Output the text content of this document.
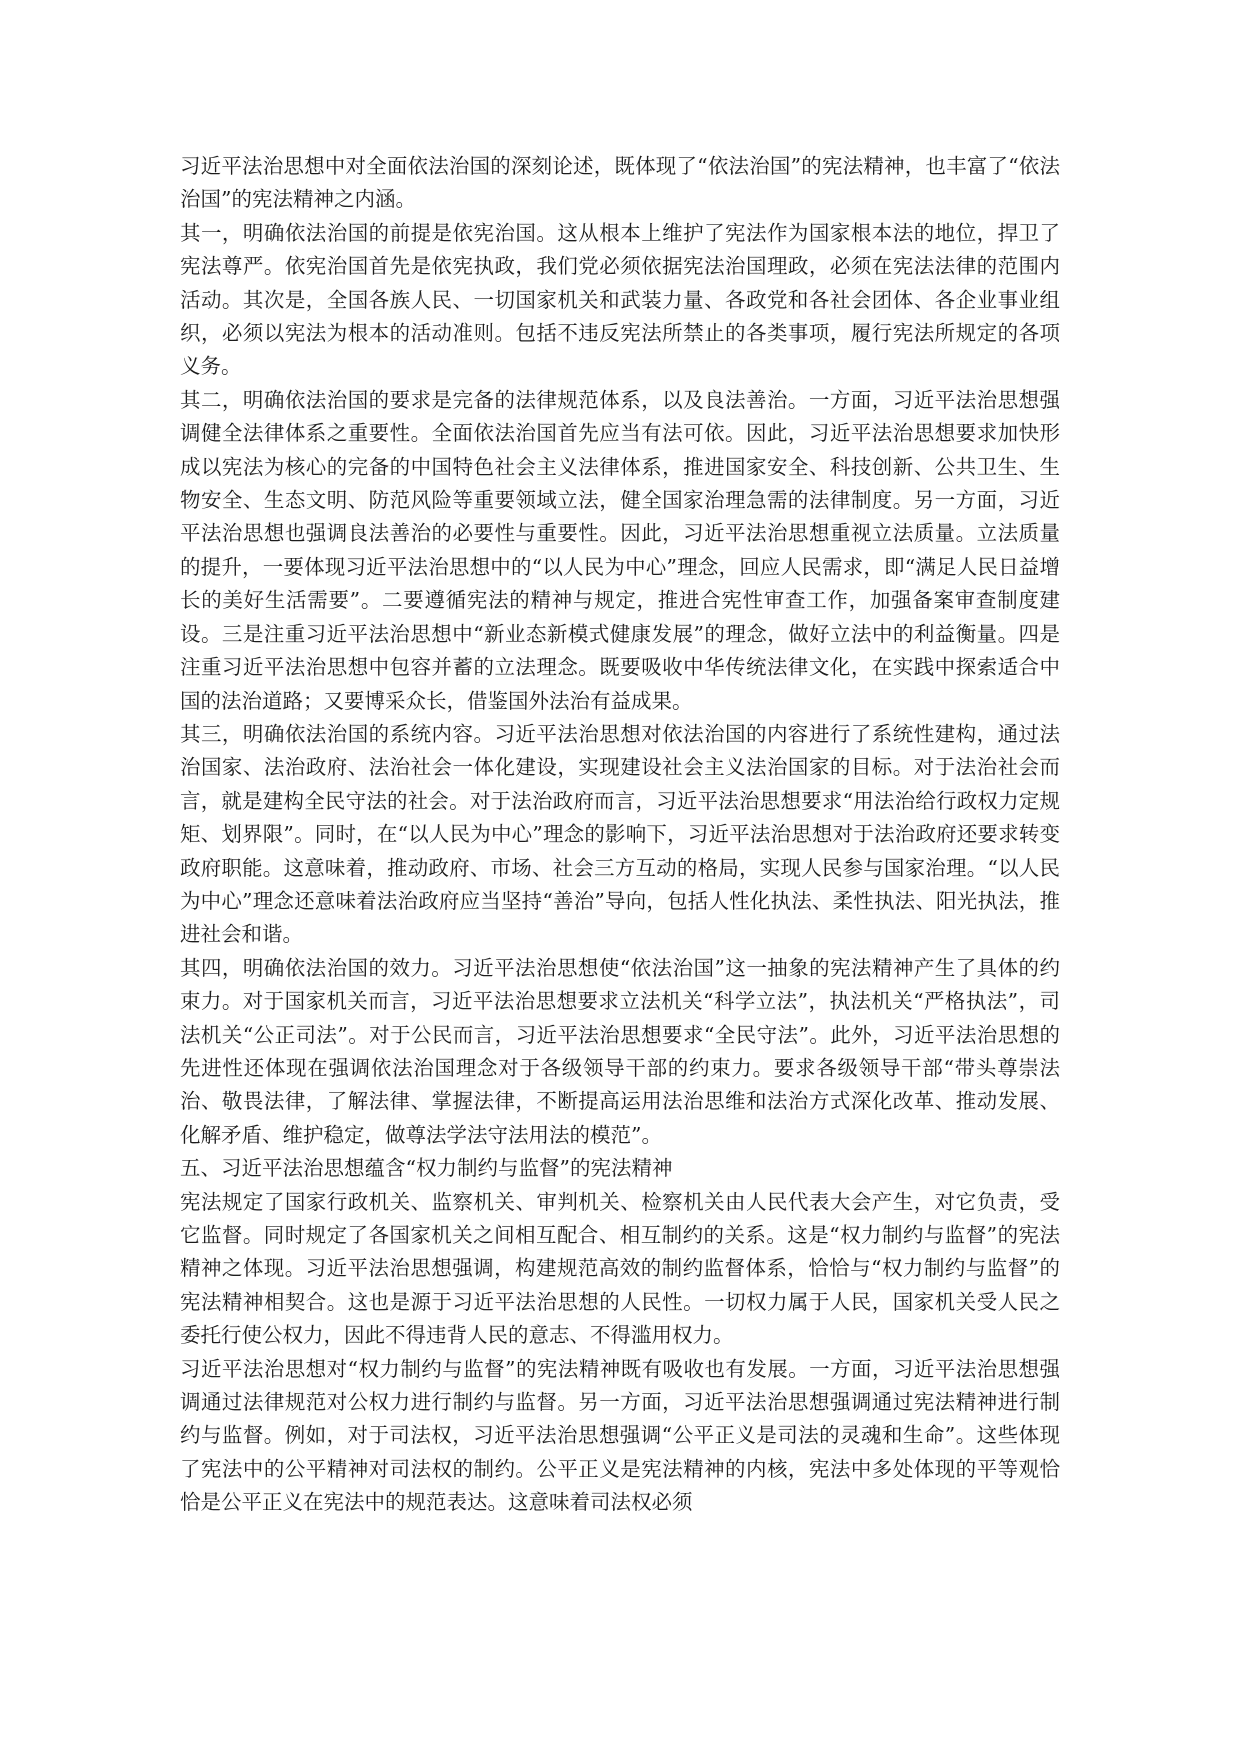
习近平法治思想中对全面依法治国的深刻论述，既体现了“依法治国”的宪法精神，也丰富了“依法治国”的宪法精神之内涵。

其一，明确依法治国的前提是依宪治国。这从根本上维护了宪法作为国家根本法的地位，捍卫了宪法尊严。依宪治国首先是依宪执政，我们党必须依据宪法治国理政，必须在宪法法律的范围内活动。其次是，全国各族人民、一切国家机关和武装力量、各政党和各社会团体、各企业事业组织，必须以宪法为根本的活动准则。包括不违反宪法所禁止的各类事项，履行宪法所规定的各项义务。

其二，明确依法治国的要求是完备的法律规范体系，以及良法善治。一方面，习近平法治思想强调健全法律体系之重要性。全面依法治国首先应当有法可依。因此，习近平法治思想要求加快形成以宪法为核心的完备的中国特色社会主义法律体系，推进国家安全、科技创新、公共卫生、生物安全、生态文明、防范风险等重要领域立法，健全国家治理急需的法律制度。另一方面，习近平法治思想也强调良法善治的必要性与重要性。因此，习近平法治思想重视立法质量。立法质量的提升，一要体现习近平法治思想中的“以人民为中心”理念，回应人民需求，即“满足人民日益增长的美好生活需要”。二要遵循宪法的精神与规定，推进合宪性审查工作，加强备案审查制度建设。三是注重习近平法治思想中“新业态新模式健康发展”的理念，做好立法中的利益衡量。四是注重习近平法治思想中包容并蓄的立法理念。既要吸收中华传统法律文化，在实践中探索适合中国的法治道路；又要博采众长，借鉴国外法治有益成果。

其三，明确依法治国的系统内容。习近平法治思想对依法治国的内容进行了系统性建构，通过法治国家、法治政府、法治社会一体化建设，实现建设社会主义法治国家的目标。对于法治社会而言，就是建构全民守法的社会。对于法治政府而言，习近平法治思想要求“用法治给行政权力定规矩、划界限”。同时，在“以人民为中心”理念的影响下，习近平法治思想对于法治政府还要求转变政府职能。这意味着，推动政府、市场、社会三方互动的格局，实现人民参与国家治理。“以人民为中心”理念还意味着法治政府应当坚持“善治”导向，包括人性化执法、柔性执法、阳光执法，推进社会和谐。

其四，明确依法治国的效力。习近平法治思想使“依法治国”这一抽象的宪法精神产生了具体的约束力。对于国家机关而言，习近平法治思想要求立法机关“科学立法”，执法机关“严格执法”，司法机关“公正司法”。对于公民而言，习近平法治思想要求“全民守法”。此外，习近平法治思想的先进性还体现在强调依法治国理念对于各级领导干部的约束力。要求各级领导干部“带头尊崇法治、敬畏法律，了解法律、掌握法律，不断提高运用法治思维和法治方式深化改革、推动发展、化解矛盾、维护稳定，做尊法学法守法用法的模范”。

五、习近平法治思想蕴含“权力制约与监督”的宪法精神

宪法规定了国家行政机关、监察机关、审判机关、检察机关由人民代表大会产生，对它负责，受它监督。同时规定了各国家机关之间相互配合、相互制约的关系。这是“权力制约与监督”的宪法精神之体现。习近平法治思想强调，构建规范高效的制约监督体系，恰恰与“权力制约与监督”的宪法精神相契合。这也是源于习近平法治思想的人民性。一切权力属于人民，国家机关受人民之委托行使公权力，因此不得违背人民的意志、不得滥用权力。

习近平法治思想对“权力制约与监督”的宪法精神既有吸收也有发展。一方面，习近平法治思想强调通过法律规范对公权力进行制约与监督。另一方面，习近平法治思想强调通过宪法精神进行制约与监督。例如，对于司法权，习近平法治思想强调“公平正义是司法的灵魂和生命”。这些体现了宪法中的公平精神对司法权的制约。公平正义是宪法精神的内核，宪法中多处体现的平等观恰恰是公平正义在宪法中的规范表达。这意味着司法权必须
